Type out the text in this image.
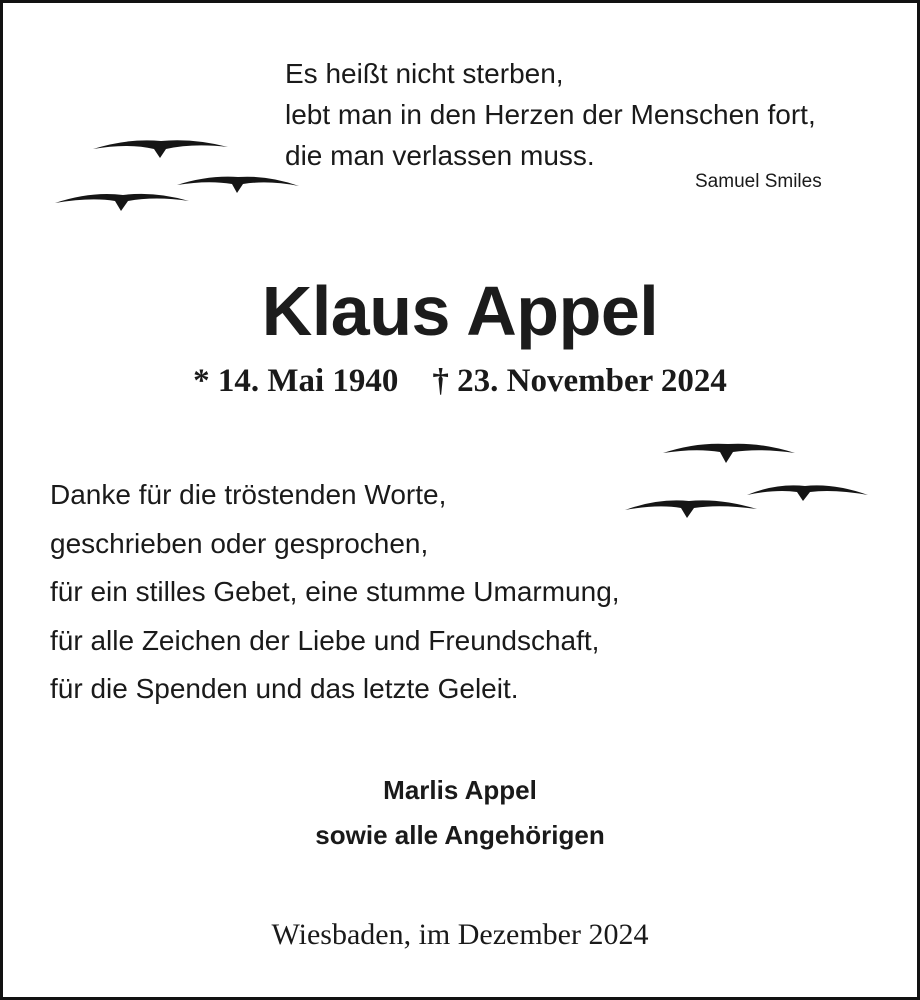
Es heißt nicht sterben,
lebt man in den Herzen der Menschen fort,
die man verlassen muss.
Samuel Smiles
Klaus Appel
* 14. Mai 1940 † 23. November 2024
Danke für die tröstenden Worte,
geschrieben oder gesprochen,
für ein stilles Gebet, eine stumme Umarmung,
für alle Zeichen der Liebe und Freundschaft,
für die Spenden und das letzte Geleit.
Marlis Appel
sowie alle Angehörigen
Wiesbaden, im Dezember 2024
